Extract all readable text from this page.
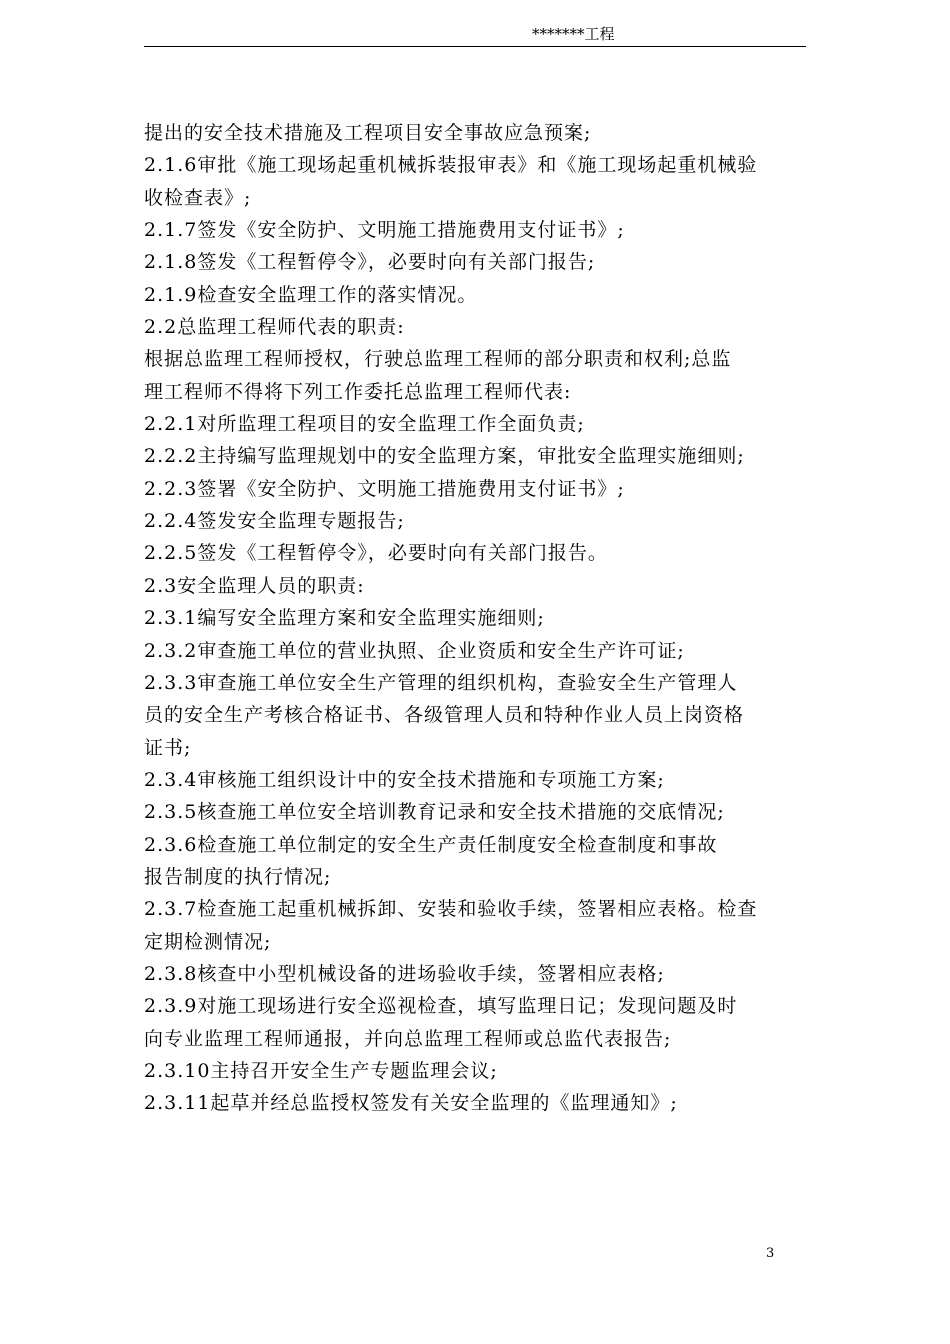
*******工程
提出的安全技术措施及工程项目安全事故应急预案;
2.1.6审批《施工现场起重机械拆装报审表》和《施工现场起重机械验
收检查表》;
2.1.7签发《安全防护、文明施工措施费用支付证书》;
2.1.8签发《工程暂停令》，必要时向有关部门报告;
2.1.9检查安全监理工作的落实情况。
2.2总监理工程师代表的职责:
根据总监理工程师授权，行驶总监理工程师的部分职责和权利;总监
理工程师不得将下列工作委托总监理工程师代表:
2.2.1对所监理工程项目的安全监理工作全面负责;
2.2.2主持编写监理规划中的安全监理方案，审批安全监理实施细则;
2.2.3签署《安全防护、文明施工措施费用支付证书》;
2.2.4签发安全监理专题报告;
2.2.5签发《工程暂停令》，必要时向有关部门报告。
2.3安全监理人员的职责:
2.3.1编写安全监理方案和安全监理实施细则;
2.3.2审查施工单位的营业执照、企业资质和安全生产许可证;
2.3.3审查施工单位安全生产管理的组织机构，查验安全生产管理人
员的安全生产考核合格证书、各级管理人员和特种作业人员上岗资格
证书;
2.3.4审核施工组织设计中的安全技术措施和专项施工方案;
2.3.5核查施工单位安全培训教育记录和安全技术措施的交底情况;
2.3.6检查施工单位制定的安全生产责任制度安全检查制度和事故
报告制度的执行情况;
2.3.7检查施工起重机械拆卸、安装和验收手续，签署相应表格。检查
定期检测情况;
2.3.8核查中小型机械设备的进场验收手续，签署相应表格;
2.3.9对施工现场进行安全巡视检查，填写监理日记；发现问题及时
向专业监理工程师通报，并向总监理工程师或总监代表报告;
2.3.10主持召开安全生产专题监理会议;
2.3.11起草并经总监授权签发有关安全监理的《监理通知》;
3
